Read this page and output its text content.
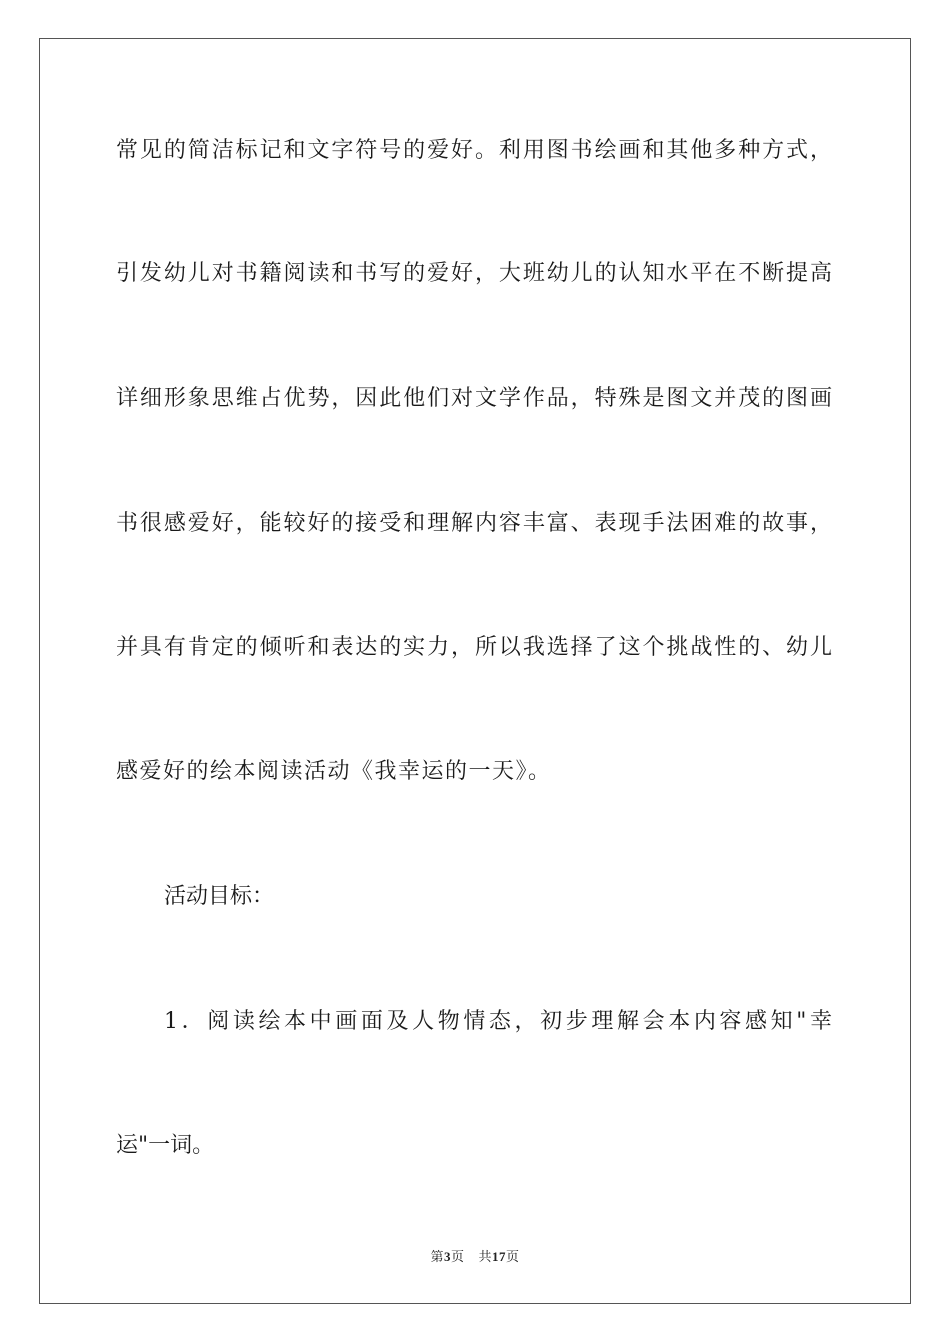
常见的简洁标记和文字符号的爱好。利用图书绘画和其他多种方式，
引发幼儿对书籍阅读和书写的爱好，大班幼儿的认知水平在不断提高
详细形象思维占优势，因此他们对文学作品，特殊是图文并茂的图画
书很感爱好，能较好的接受和理解内容丰富、表现手法困难的故事，
并具有肯定的倾听和表达的实力，所以我选择了这个挑战性的、幼儿
感爱好的绘本阅读活动《我幸运的一天》。
活动目标：
1．阅读绘本中画面及人物情态，初步理解会本内容感知"幸
运"一词。
第3页 共17页
